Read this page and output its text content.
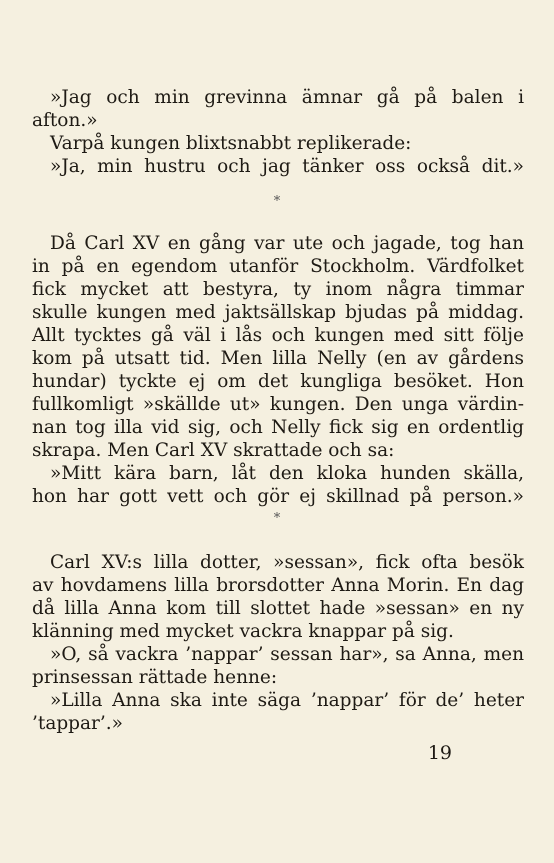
»Jag och min grevinna ämnar gå på balen i
afton.»
Varpå kungen blixtsnabbt replikerade:
»Ja, min hustru och jag tänker oss också dit.»
*
Då Carl XV en gång var ute och jagade, tog han
in på en egendom utanför Stockholm. Värdfolket
fick mycket att bestyra, ty inom några timmar
skulle kungen med jaktsällskap bjudas på middag.
Allt tycktes gå väl i lås och kungen med sitt följe
kom på utsatt tid. Men lilla Nelly (en av gårdens
hundar) tyckte ej om det kungliga besöket. Hon
fullkomligt »skällde ut» kungen. Den unga värdin-
nan tog illa vid sig, och Nelly fick sig en ordentlig
skrapa. Men Carl XV skrattade och sa:
»Mitt kära barn, låt den kloka hunden skälla,
hon har gott vett och gör ej skillnad på person.»
*
Carl XV:s lilla dotter, »sessan», fick ofta besök
av hovdamens lilla brorsdotter Anna Morin. En dag
då lilla Anna kom till slottet hade »sessan» en ny
klänning med mycket vackra knappar på sig.
»O, så vackra ’nappar’ sessan har», sa Anna, men
prinsessan rättade henne:
»Lilla Anna ska inte säga ’nappar’ för de’ heter
’tappar’.»
19
